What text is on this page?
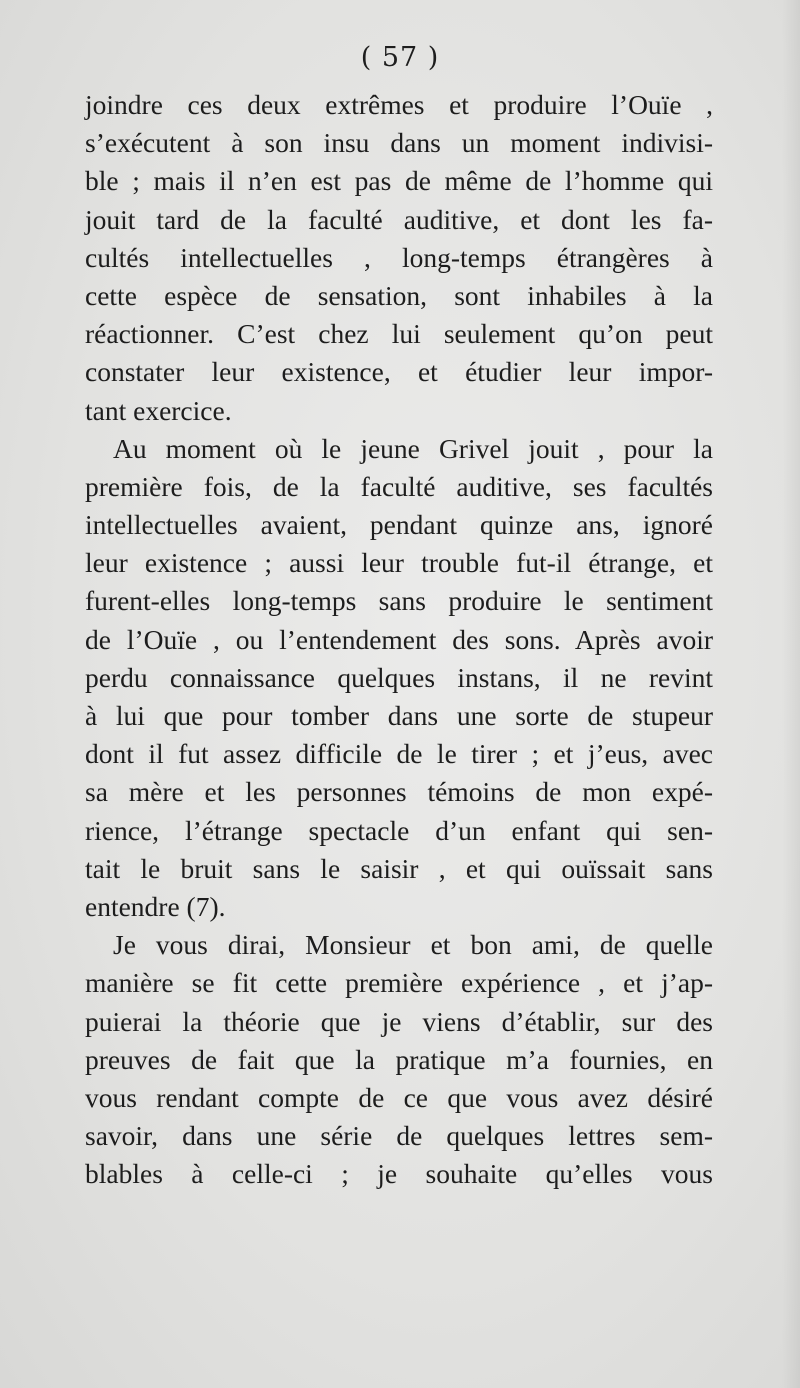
( 57 )
joindre ces deux extrêmes et produire l’Ouïe ,
s’exécutent à son insu dans un moment indivisi-
ble ; mais il n’en est pas de même de l’homme qui
jouit tard de la faculté auditive, et dont les fa-
cultés intellectuelles , long-temps étrangères à
cette espèce de sensation, sont inhabiles à la
réactionner. C’est chez lui seulement qu’on peut
constater leur existence, et étudier leur impor-
tant exercice.
Au moment où le jeune Grivel jouit , pour la
première fois, de la faculté auditive, ses facultés
intellectuelles avaient, pendant quinze ans, ignoré
leur existence ; aussi leur trouble fut-il étrange, et
furent-elles long-temps sans produire le sentiment
de l’Ouïe , ou l’entendement des sons. Après avoir
perdu connaissance quelques instans, il ne revint
à lui que pour tomber dans une sorte de stupeur
dont il fut assez difficile de le tirer ; et j’eus, avec
sa mère et les personnes témoins de mon expé-
rience, l’étrange spectacle d’un enfant qui sen-
tait le bruit sans le saisir , et qui ouïssait sans
entendre (7).
Je vous dirai, Monsieur et bon ami, de quelle
manière se fit cette première expérience , et j’ap-
puierai la théorie que je viens d’établir, sur des
preuves de fait que la pratique m’a fournies, en
vous rendant compte de ce que vous avez désiré
savoir, dans une série de quelques lettres sem-
blables à celle-ci ; je souhaite qu’elles vous
